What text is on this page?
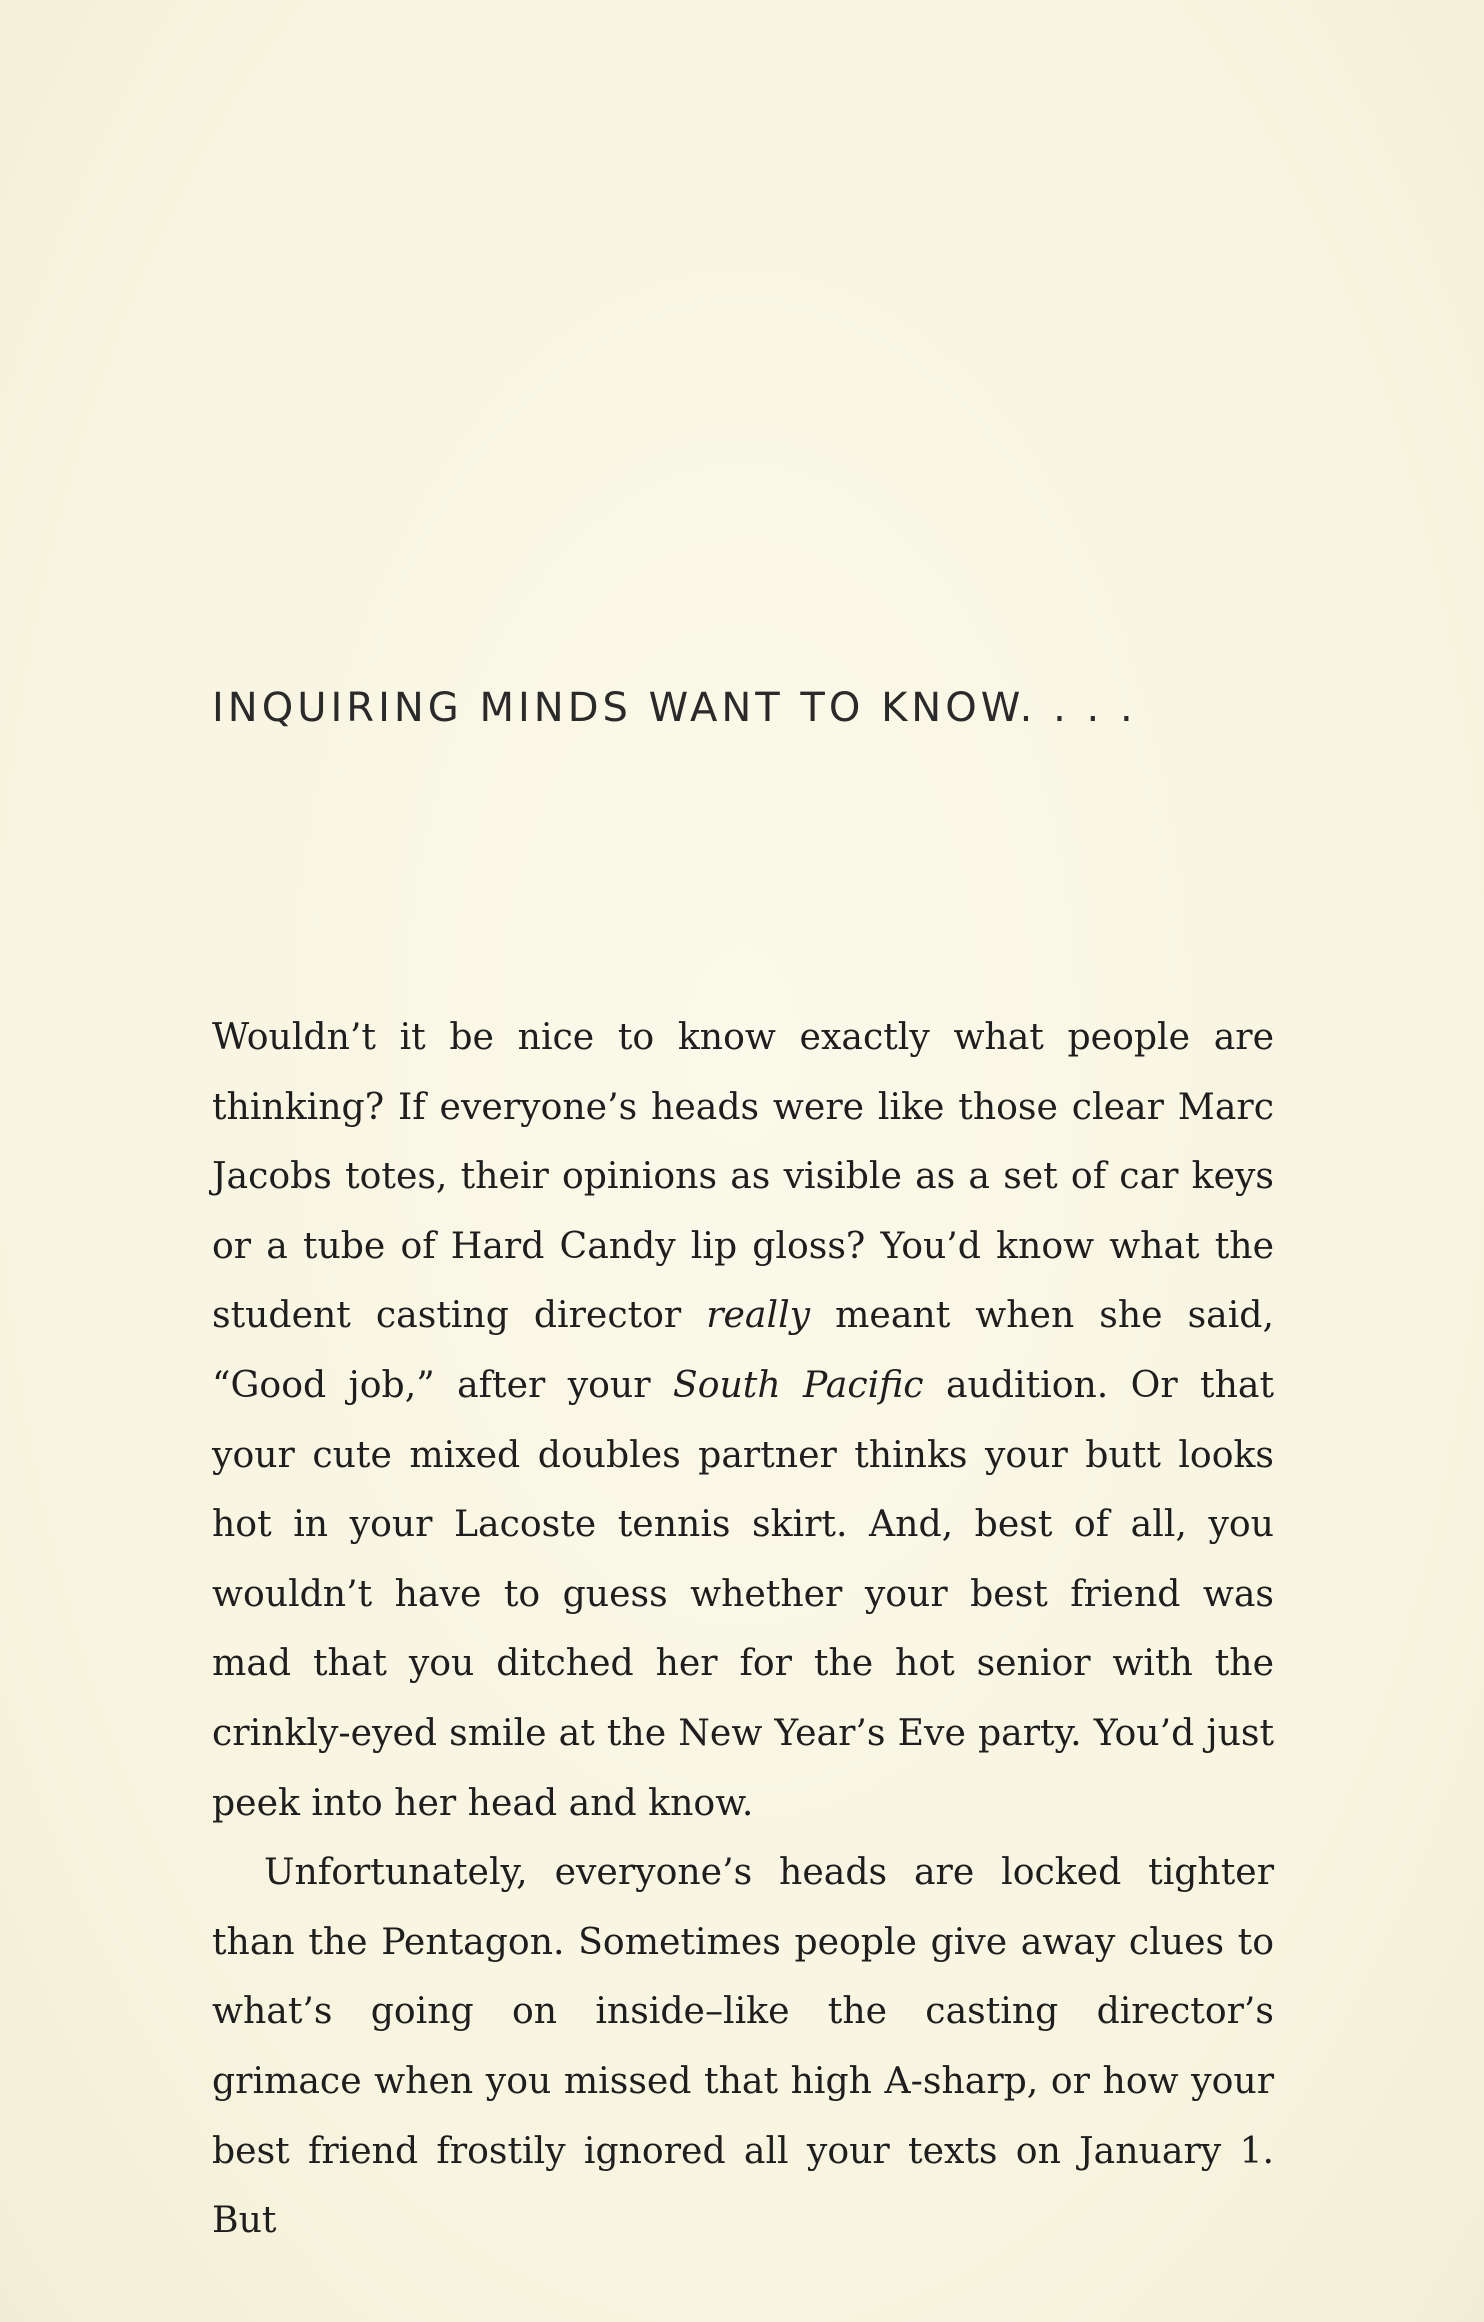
INQUIRING MINDS WANT TO KNOW. . . .

Wouldn’t it be nice to know exactly what people are thinking? If everyone’s heads were like those clear Marc Jacobs totes, their opinions as visible as a set of car keys or a tube of Hard Candy lip gloss? You’d know what the student casting director really meant when she said, “Good job,” after your South Pacific audition. Or that your cute mixed doubles partner thinks your butt looks hot in your Lacoste tennis skirt. And, best of all, you wouldn’t have to guess whether your best friend was mad that you ditched her for the hot senior with the crinkly-eyed smile at the New Year’s Eve party. You’d just peek into her head and know.

Unfortunately, everyone’s heads are locked tighter than the Pentagon. Sometimes people give away clues to what’s going on inside–like the casting director’s grimace when you missed that high A-sharp, or how your best friend frostily ignored all your texts on January 1. But
